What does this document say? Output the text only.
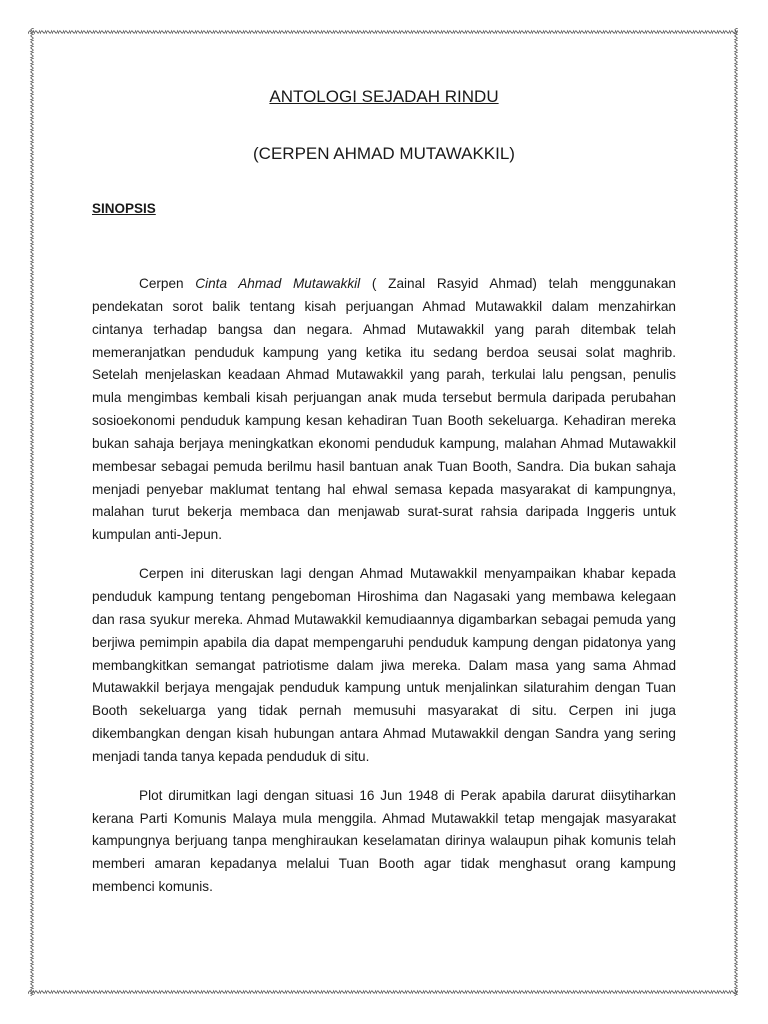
ANTOLOGI SEJADAH RINDU
(CERPEN AHMAD MUTAWAKKIL)
SINOPSIS

Cerpen Cinta Ahmad Mutawakkil ( Zainal Rasyid Ahmad) telah menggunakan pendekatan sorot balik tentang kisah perjuangan Ahmad Mutawakkil dalam menzahirkan cintanya terhadap bangsa dan negara. Ahmad Mutawakkil yang parah ditembak telah memeranjatkan penduduk kampung yang ketika itu sedang berdoa seusai solat maghrib. Setelah menjelaskan keadaan Ahmad Mutawakkil yang parah, terkulai lalu pengsan, penulis mula mengimbas kembali kisah perjuangan anak muda tersebut bermula daripada perubahan sosioekonomi penduduk kampung kesan kehadiran Tuan Booth sekeluarga. Kehadiran mereka bukan sahaja berjaya meningkatkan ekonomi penduduk kampung, malahan Ahmad Mutawakkil membesar sebagai pemuda berilmu hasil bantuan anak Tuan Booth, Sandra. Dia bukan sahaja menjadi penyebar maklumat tentang hal ehwal semasa kepada masyarakat di kampungnya, malahan turut bekerja membaca dan menjawab surat-surat rahsia daripada Inggeris untuk kumpulan anti-Jepun.

Cerpen ini diteruskan lagi dengan Ahmad Mutawakkil menyampaikan khabar kepada penduduk kampung tentang pengeboman Hiroshima dan Nagasaki yang membawa kelegaan dan rasa syukur mereka. Ahmad Mutawakkil kemudiaannya digambarkan sebagai pemuda yang berjiwa pemimpin apabila dia dapat mempengaruhi penduduk kampung dengan pidatonya yang membangkitkan semangat patriotisme dalam jiwa mereka. Dalam masa yang sama Ahmad Mutawakkil berjaya mengajak penduduk kampung untuk menjalinkan silaturahim dengan Tuan Booth sekeluarga yang tidak pernah memusuhi masyarakat di situ. Cerpen ini juga dikembangkan dengan kisah hubungan antara Ahmad Mutawakkil dengan Sandra yang sering menjadi tanda tanya kepada penduduk di situ.

Plot dirumitkan lagi dengan situasi 16 Jun 1948 di Perak apabila darurat diisytiharkan kerana Parti Komunis Malaya mula menggila. Ahmad Mutawakkil tetap mengajak masyarakat kampungnya berjuang tanpa menghiraukan keselamatan dirinya walaupun pihak komunis telah memberi amaran kepadanya melalui Tuan Booth agar tidak menghasut orang kampung membenci komunis.
